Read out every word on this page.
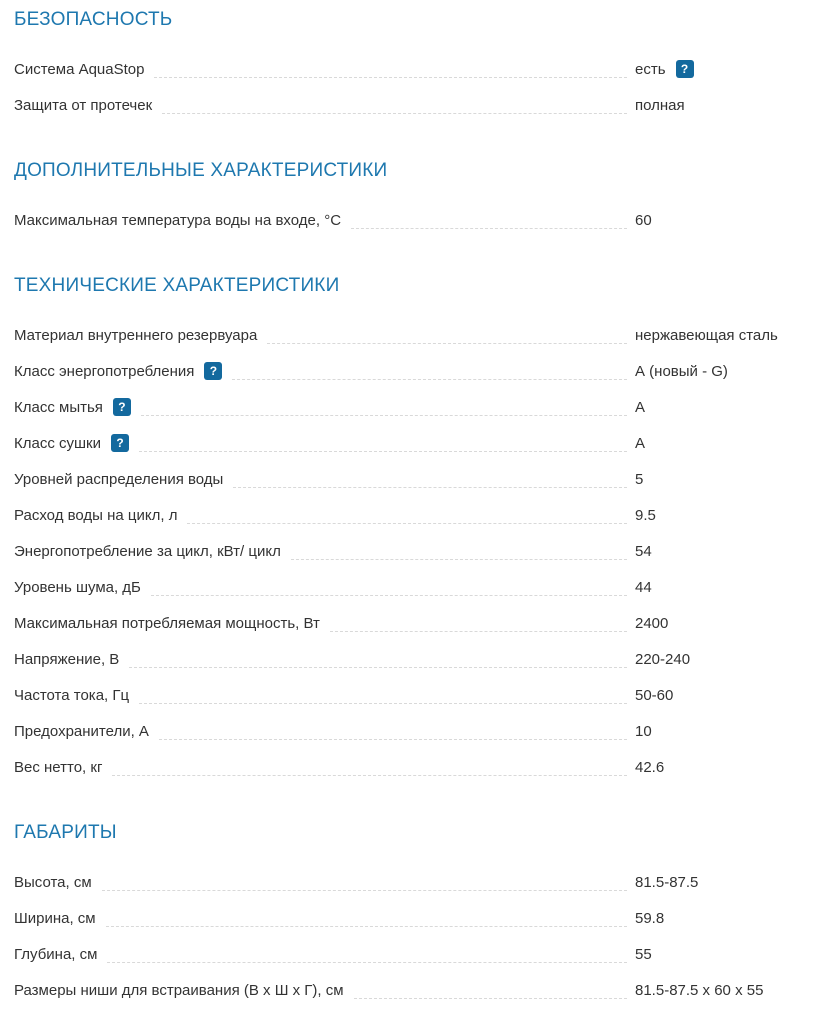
БЕЗОПАСНОСТЬ
Система AquaStop	есть	?
Защита от протечек	полная
ДОПОЛНИТЕЛЬНЫЕ ХАРАКТЕРИСТИКИ
Максимальная температура воды на входе, °С	60
ТЕХНИЧЕСКИЕ ХАРАКТЕРИСТИКИ
Материал внутреннего резервуара	нержавеющая сталь
Класс энергопотребления	?	А (новый - G)
Класс мытья	?	А
Класс сушки	?	А
Уровней распределения воды	5
Расход воды на цикл, л	9.5
Энергопотребление за цикл, кВт/ цикл	54
Уровень шума, дБ	44
Максимальная потребляемая мощность, Вт	2400
Напряжение, В	220-240
Частота тока, Гц	50-60
Предохранители, А	10
Вес нетто, кг	42.6
ГАБАРИТЫ
Высота, см	81.5-87.5
Ширина, см	59.8
Глубина, см	55
Размеры ниши для встраивания (В х Ш х Г), см	81.5-87.5 x 60 x 55
